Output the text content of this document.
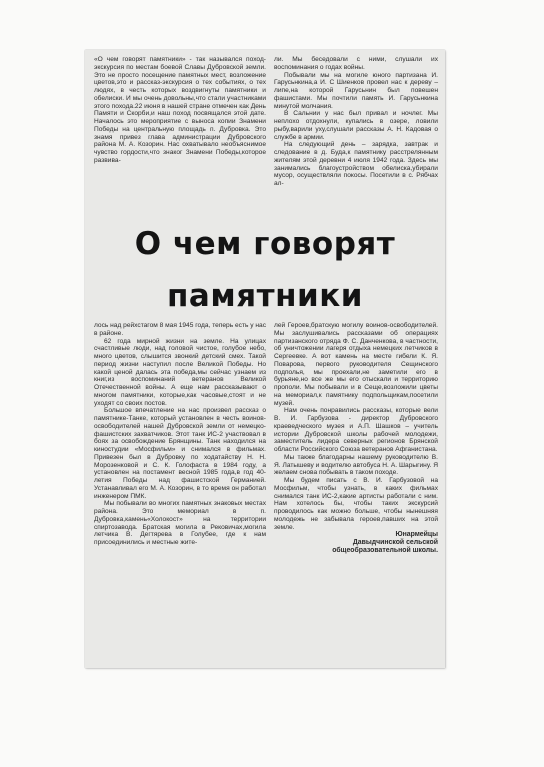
«О чем говорят памятники» - так назывался поход-экскурсия по местам боевой Славы Дубровской земли. Это не просто посещение памятных мест, возложение цветов,это и рассказ-экскурсия о тех событиях, о тех людях, в честь которых воздвигнуты памятники и обелиски. И мы очень довольны,что стали участниками этого похода.22 июня в нашей стране отмечен как День Памяти и Скорби,и наш поход посвящался этой дате. Началось это мероприятие с выноса копии Знамени Победы на центральную площадь п. Дубровка. Это знамя привез глава администрации Дубровского района М. А. Козорин. Нас охватывало необъяснимое чувство гордости,что знаког Знамени Победы,которое развива-

ли. Мы беседовали с ними, слушали их воспоминания о годах войны.

Побывали мы на могиле юного партизана И. Гарусьнкина,а И. С Шиенков провел нас к дереву – липе,на которой Гарусьнин был повешен фашистами. Мы почтили память И. Гарусьнкина минутой молчания.

В Сальнии у нас был привал и ночлег. Мы неплохо отдохнули, купались в озере, ловили рыбу,варили уху,слушали рассказы А. Н. Кадовая о службе в армии.

На следующий день – зарядка, завтрак и следование в д. Буда,к памятнику расстрелянным жителям этой деревни 4 июля 1942 года. Здесь мы занимались благоустройством обелиска,убирали мусор, осуществляли покосы. Посетили в с. Рябчах ал-

О чем говорят
памятники

лось над рейхстагом 8 мая 1945 года, теперь есть у нас в районе.

62 года мирной жизни на земле. На улицах счастливые люди, над головой чистое, голубое небо, много цветов, слышится звонкий детский смех. Такой период жизни наступил после Великой Победы. Но какой ценой далась эта победа,мы сейчас узнаем из книг,из воспоминаний ветеранов Великой Отечественной войны. А еще нам рассказывают о многом памятники, которые,как часовые,стоят и не уходят со своих постов.

Большое впечатление на нас произвел рассказ о памятнике-Танке, который установлен в честь воинов-освободителей нашей Дубровской земли от немецко-фашистских захватчиков. Этот танк ИС-2 участвовал в боях за освобождение Брянщины. Танк находился на киностудии «Мосфильм» и снимался в фильмах. Привезен был в Дубровку по ходатайству Н. Н. Морозенковой и С. К. Голофаста в 1984 году, а установлен на постамент весной 1985 года,в год 40-летия Победы над фашистской Германией. Устанавливал его М. А. Козорин, в то время он работал инженером ПМК.

Мы побывали во многих памятных знаковых местах района. Это мемориал в п. Дубровка,камень«Холокост» на территории спиртозавода. Братская могила в Рековичах,могила летчика В. Дегтярева в Голубее, где к нам присоединились и местные жите-

лей Героев,братскую могилу воинов-освободителей. Мы заслушивались рассказами об операциях партизанского отряда Ф. С. Данченкова, в частности, об уничтожении лагеря отдыха немецких летчиков в Сергеевке. А вот камень на месте гибели К. Я. Поварова, первого руководителя Сещинского подполья, мы проехали,не заметили его в бурьяне,но все же мы его отыскали и территорию прополи. Мы побывали и в Сеще,возложили цветы на мемориал,к памятнику подпольщикам,посетили музей.

Нам очень понравились рассказы, которые вели В. И. Гарбузова - директор Дубровского краеведческого музея и А.П. Шашков – учитель истории Дубровской школы рабочей молодежи, заместитель лидера северных регионов Брянской области Российского Союза ветеранов Афганистана.

Мы также благодарны нашему руководителю В. Я. Латышеву и водителю автобуса Н. А. Шарыгину. Я желаем снова побывать в таком походе.

Мы будем писать с В. И. Гарбузовой на Мосфильм, чтобы узнать, в каких фильмах снимался танк ИС-2,какие артисты работали с ним. Нам хотелось бы, чтобы таких экскурсий проводилось как можно больше, чтобы нынешняя молодежь не забывала героев,павших на этой земле.

Юнармейцы

Давыдчинской сельской

общеобразовательной школы.
